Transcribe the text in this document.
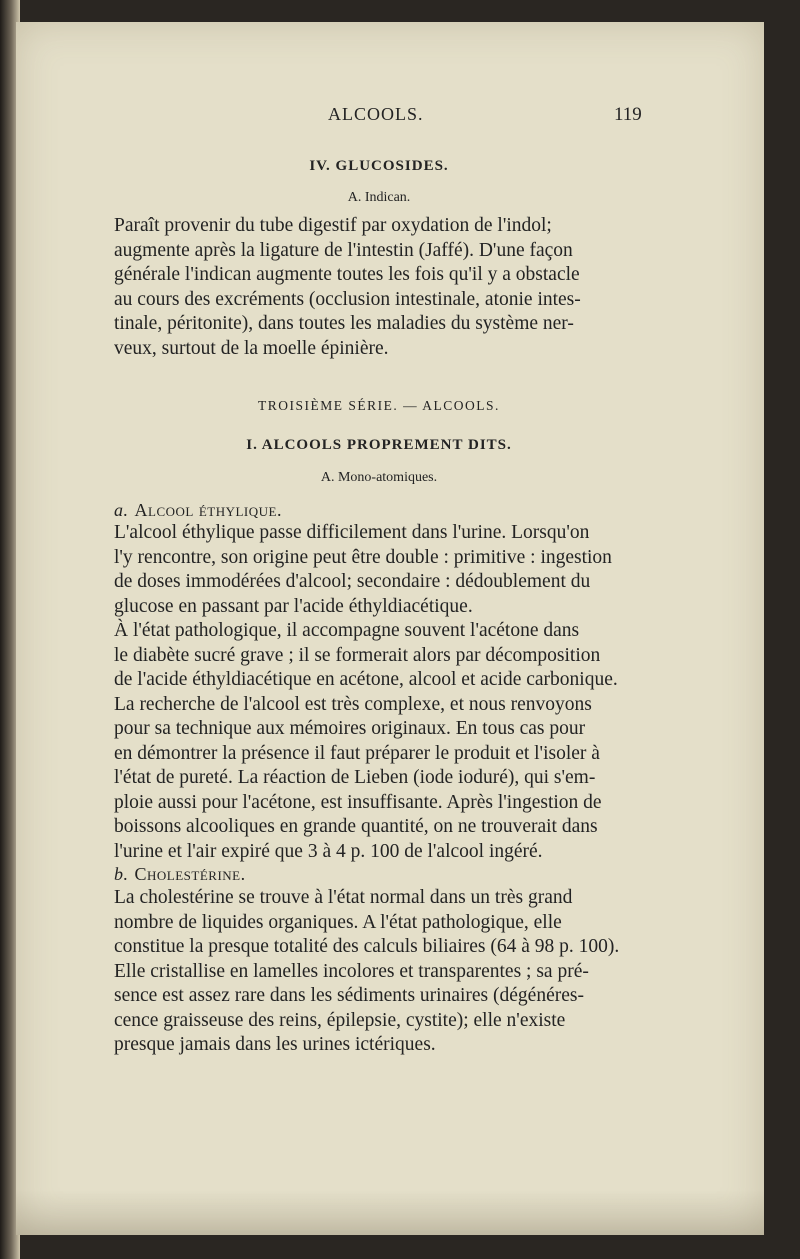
ALCOOLS.	119

IV. GLUCOSIDES.

A. Indican.

Paraît provenir du tube digestif par oxydation de l'indol;

augmente après la ligature de l'intestin (Jaffé). D'une façon

générale l'indican augmente toutes les fois qu'il y a obstacle

au cours des excréments (occlusion intestinale, atonie intes-

tinale, péritonite), dans toutes les maladies du système ner-

veux, surtout de la moelle épinière.

TROISIÈME SÉRIE. — ALCOOLS.

I. ALCOOLS PROPREMENT DITS.

A. Mono-atomiques.

a. Alcool éthylique.

L'alcool éthylique passe difficilement dans l'urine. Lorsqu'on

l'y rencontre, son origine peut être double : primitive : ingestion

de doses immodérées d'alcool; secondaire : dédoublement du

glucose en passant par l'acide éthyldiacétique.

À l'état pathologique, il accompagne souvent l'acétone dans

le diabète sucré grave ; il se formerait alors par décomposition

de l'acide éthyldiacétique en acétone, alcool et acide carbonique.

La recherche de l'alcool est très complexe, et nous renvoyons

pour sa technique aux mémoires originaux. En tous cas pour

en démontrer la présence il faut préparer le produit et l'isoler à

l'état de pureté. La réaction de Lieben (iode ioduré), qui s'em-

ploie aussi pour l'acétone, est insuffisante. Après l'ingestion de

boissons alcooliques en grande quantité, on ne trouverait dans

l'urine et l'air expiré que 3 à 4 p. 100 de l'alcool ingéré.

b. Cholestérine.

La cholestérine se trouve à l'état normal dans un très grand

nombre de liquides organiques. A l'état pathologique, elle

constitue la presque totalité des calculs biliaires (64 à 98 p. 100).

Elle cristallise en lamelles incolores et transparentes ; sa pré-

sence est assez rare dans les sédiments urinaires (dégénéres-

cence graisseuse des reins, épilepsie, cystite); elle n'existe

presque jamais dans les urines ictériques.
